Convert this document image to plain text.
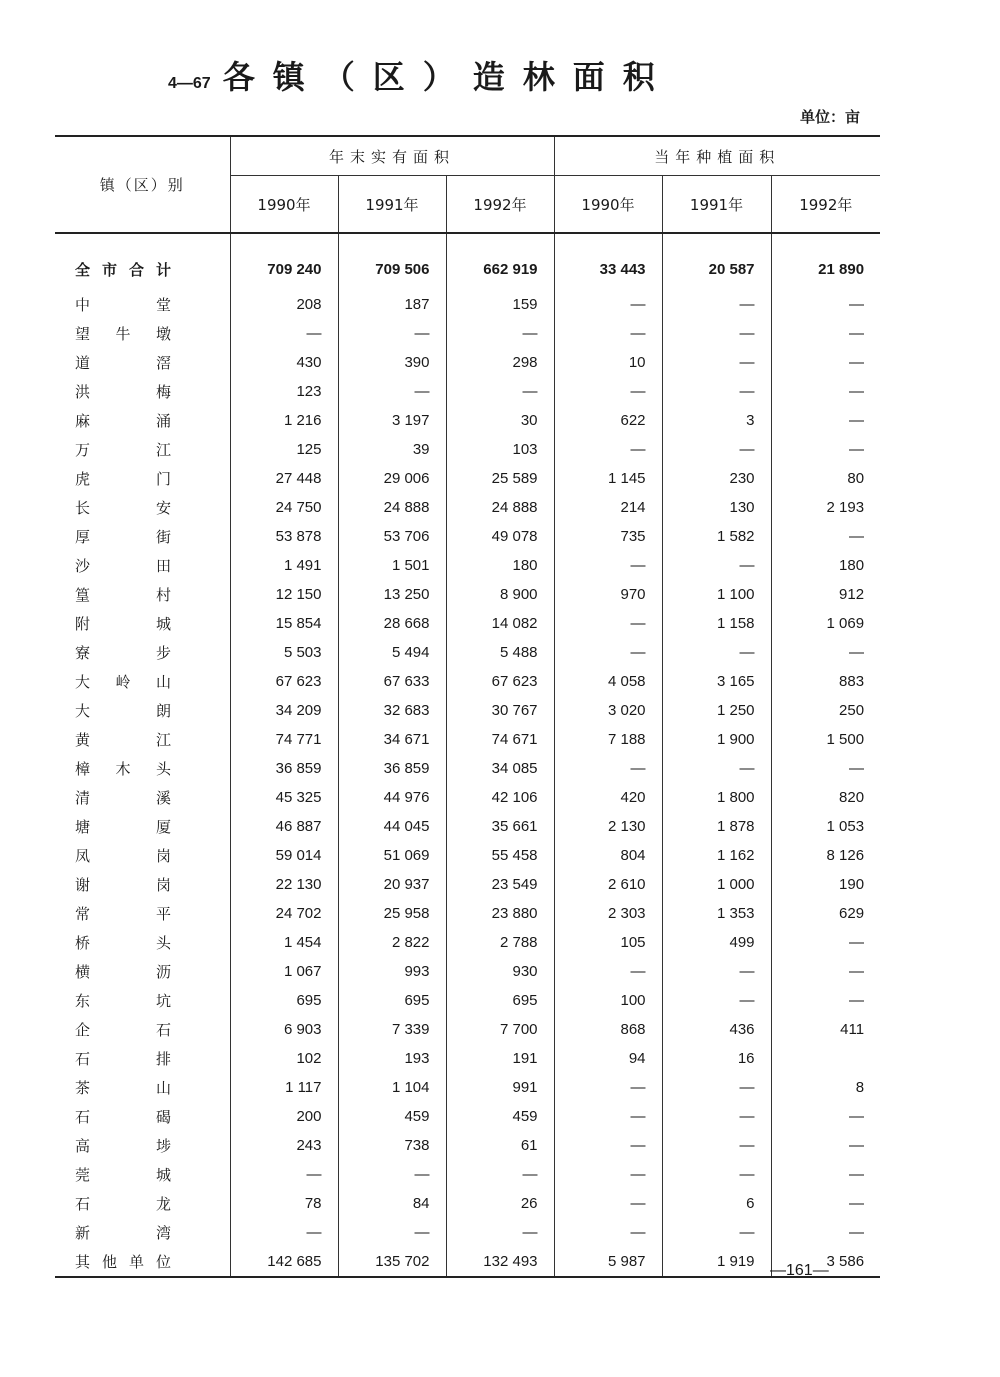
4—67 各镇（区）造林面积
单位：亩
镇（区）别	年末实有面积			当年种植面积		
	1990年	1991年	1992年	1990年	1991年	1992年
全市合计	709 240	709 506	662 919	33 443	20 587	21 890
中堂	208	187	159	—	—	—
望牛墩	—	—	—	—	—	—
道滘	430	390	298	10	—	—
洪梅	123	—	—	—	—	—
麻涌	1 216	3 197	30	622	3	—
万江	125	39	103	—	—	—
虎门	27 448	29 006	25 589	1 145	230	80
长安	24 750	24 888	24 888	214	130	2 193
厚街	53 878	53 706	49 078	735	1 582	—
沙田	1 491	1 501	180	—	—	180
篁村	12 150	13 250	8 900	970	1 100	912
附城	15 854	28 668	14 082	—	1 158	1 069
寮步	5 503	5 494	5 488	—	—	—
大岭山	67 623	67 633	67 623	4 058	3 165	883
大朗	34 209	32 683	30 767	3 020	1 250	250
黄江	74 771	34 671	74 671	7 188	1 900	1 500
樟木头	36 859	36 859	34 085	—	—	—
清溪	45 325	44 976	42 106	420	1 800	820
塘厦	46 887	44 045	35 661	2 130	1 878	1 053
凤岗	59 014	51 069	55 458	804	1 162	8 126
谢岗	22 130	20 937	23 549	2 610	1 000	190
常平	24 702	25 958	23 880	2 303	1 353	629
桥头	1 454	2 822	2 788	105	499	—
横沥	1 067	993	930	—	—	—
东坑	695	695	695	100	—	—
企石	6 903	7 339	7 700	868	436	411
石排	102	193	191	94	16	
茶山	1 117	1 104	991	—	—	8
石碣	200	459	459	—	—	—
高埗	243	738	61	—	—	—
莞城	—	—	—	—	—	—
石龙	78	84	26	—	6	—
新湾	—	—	—	—	—	—
其他单位	142 685	135 702	132 493	5 987	1 919	3 586
—161—
